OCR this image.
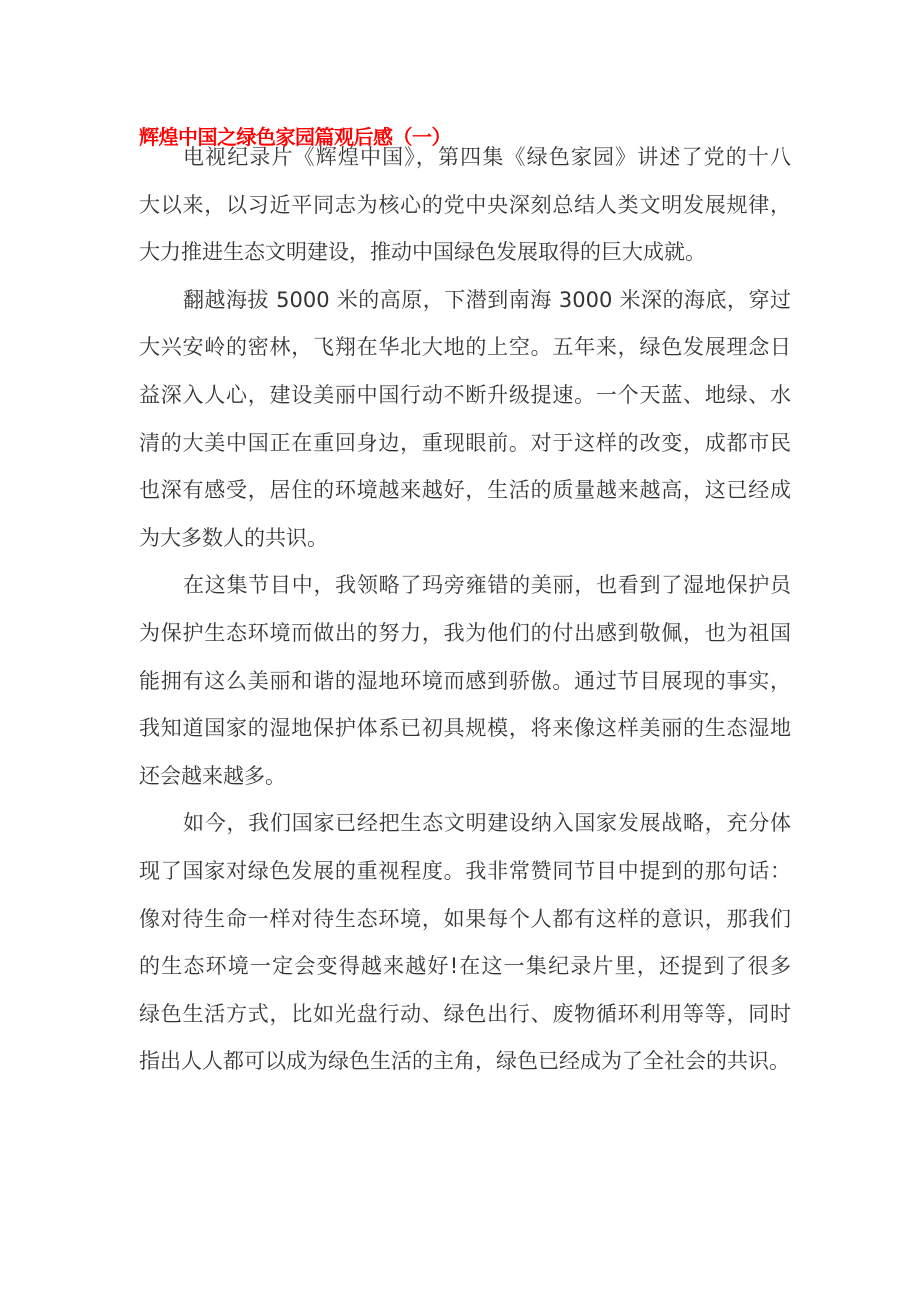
辉煌中国之绿色家园篇观后感（一）
电视纪录片《辉煌中国》，第四集《绿色家园》讲述了党的十八
大以来，以习近平同志为核心的党中央深刻总结人类文明发展规律，
大力推进生态文明建设，推动中国绿色发展取得的巨大成就。
翻越海拔 5000 米的高原，下潜到南海 3000 米深的海底，穿过
大兴安岭的密林，飞翔在华北大地的上空。五年来，绿色发展理念日
益深入人心，建设美丽中国行动不断升级提速。一个天蓝、地绿、水
清的大美中国正在重回身边，重现眼前。对于这样的改变，成都市民
也深有感受，居住的环境越来越好，生活的质量越来越高，这已经成
为大多数人的共识。
在这集节目中，我领略了玛旁雍错的美丽，也看到了湿地保护员
为保护生态环境而做出的努力，我为他们的付出感到敬佩，也为祖国
能拥有这么美丽和谐的湿地环境而感到骄傲。通过节目展现的事实，
我知道国家的湿地保护体系已初具规模，将来像这样美丽的生态湿地
还会越来越多。
如今，我们国家已经把生态文明建设纳入国家发展战略，充分体
现了国家对绿色发展的重视程度。我非常赞同节目中提到的那句话：
像对待生命一样对待生态环境，如果每个人都有这样的意识，那我们
的生态环境一定会变得越来越好!在这一集纪录片里，还提到了很多
绿色生活方式，比如光盘行动、绿色出行、废物循环利用等等，同时
指出人人都可以成为绿色生活的主角，绿色已经成为了全社会的共识。
